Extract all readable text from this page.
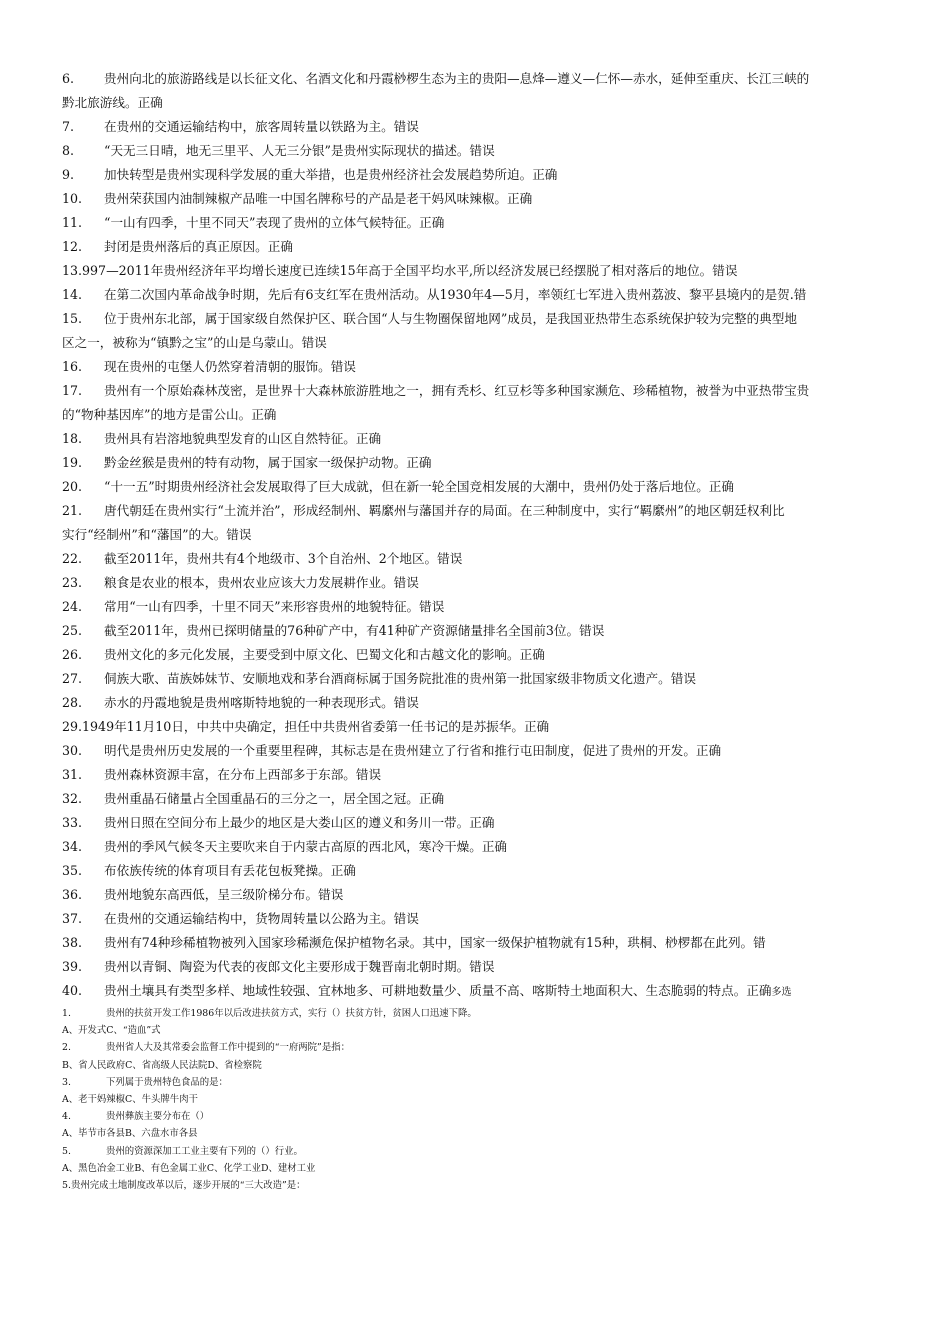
6. 贵州向北的旅游路线是以长征文化、名酒文化和丹霞桫椤生态为主的贵阳—息烽—遵义—仁怀—赤水，延伸至重庆、长江三峡的
黔北旅游线。正确
7. 在贵州的交通运输结构中，旅客周转量以铁路为主。错误
8. “天无三日晴，地无三里平、人无三分银”是贵州实际现状的描述。错误
9. 加快转型是贵州实现科学发展的重大举措，也是贵州经济社会发展趋势所迫。正确
10. 贵州荣获国内油制辣椒产品唯一中国名牌称号的产品是老干妈风味辣椒。正确
11. “一山有四季，十里不同天”表现了贵州的立体气候特征。正确
12. 封闭是贵州落后的真正原因。正确
13.997—2011年贵州经济年平均增长速度已连续15年高于全国平均水平,所以经济发展已经摆脱了相对落后的地位。错误
14. 在第二次国内革命战争时期，先后有6支红军在贵州活动。从1930年4—5月，率领红七军进入贵州荔波、黎平县境内的是贺.错
15. 位于贵州东北部，属于国家级自然保护区、联合国“人与生物圈保留地网”成员，是我国亚热带生态系统保护较为完整的典型地
区之一，被称为“镇黔之宝”的山是乌蒙山。错误
16. 现在贵州的屯堡人仍然穿着清朝的服饰。错误
17. 贵州有一个原始森林茂密，是世界十大森林旅游胜地之一，拥有秃杉、红豆杉等多种国家濒危、珍稀植物，被誉为中亚热带宝贵
的“物种基因库”的地方是雷公山。正确
18. 贵州具有岩溶地貌典型发育的山区自然特征。正确
19. 黔金丝猴是贵州的特有动物，属于国家一级保护动物。正确
20. “十一五”时期贵州经济社会发展取得了巨大成就，但在新一轮全国竞相发展的大潮中，贵州仍处于落后地位。正确
21. 唐代朝廷在贵州实行“土流并治”，形成经制州、羁縻州与藩国并存的局面。在三种制度中，实行“羁縻州”的地区朝廷权利比
实行“经制州”和“藩国”的大。错误
22. 截至2011年，贵州共有4个地级市、3个自治州、2个地区。错误
23. 粮食是农业的根本，贵州农业应该大力发展耕作业。错误
24. 常用“一山有四季，十里不同天”来形容贵州的地貌特征。错误
25. 截至2011年，贵州已探明储量的76种矿产中，有41种矿产资源储量排名全国前3位。错误
26. 贵州文化的多元化发展，主要受到中原文化、巴蜀文化和古越文化的影响。正确
27. 侗族大歌、苗族姊妹节、安顺地戏和茅台酒商标属于国务院批准的贵州第一批国家级非物质文化遗产。错误
28. 赤水的丹霞地貌是贵州喀斯特地貌的一种表现形式。错误
29.1949年11月10日，中共中央确定，担任中共贵州省委第一任书记的是苏振华。正确
30. 明代是贵州历史发展的一个重要里程碑，其标志是在贵州建立了行省和推行屯田制度，促进了贵州的开发。正确
31. 贵州森林资源丰富，在分布上西部多于东部。错误
32. 贵州重晶石储量占全国重晶石的三分之一，居全国之冠。正确
33. 贵州日照在空间分布上最少的地区是大娄山区的遵义和务川一带。正确
34. 贵州的季风气候冬天主要吹来自于内蒙古高原的西北风，寒冷干燥。正确
35. 布依族传统的体育项目有丢花包板凳操。正确
36. 贵州地貌东高西低，呈三级阶梯分布。错误
37. 在贵州的交通运输结构中，货物周转量以公路为主。错误
38. 贵州有74种珍稀植物被列入国家珍稀濒危保护植物名录。其中，国家一级保护植物就有15种，珙桐、桫椤都在此列。错
39. 贵州以青铜、陶瓷为代表的夜郎文化主要形成于魏晋南北朝时期。错误
40. 贵州土壤具有类型多样、地域性较强、宜林地多、可耕地数量少、质量不高、喀斯特土地面积大、生态脆弱的特点。正确多选
1.	贵州的扶贫开发工作1986年以后改进扶贫方式，实行（）扶贫方针，贫困人口迅速下降。
A、开发式C、“造血”式
2.	贵州省人大及其常委会监督工作中提到的“一府两院”是指：
B、省人民政府C、省高级人民法院D、省检察院
3.	下列属于贵州特色食品的是：
A、老干妈辣椒C、牛头牌牛肉干
4.	贵州彝族主要分布在（）
A、毕节市各县B、六盘水市各县
5.	贵州的资源深加工工业主要有下列的（）行业。
A、黑色冶金工业B、有色金属工业C、化学工业D、建材工业
5.贵州完成土地制度改革以后，逐步开展的“三大改造”是：
